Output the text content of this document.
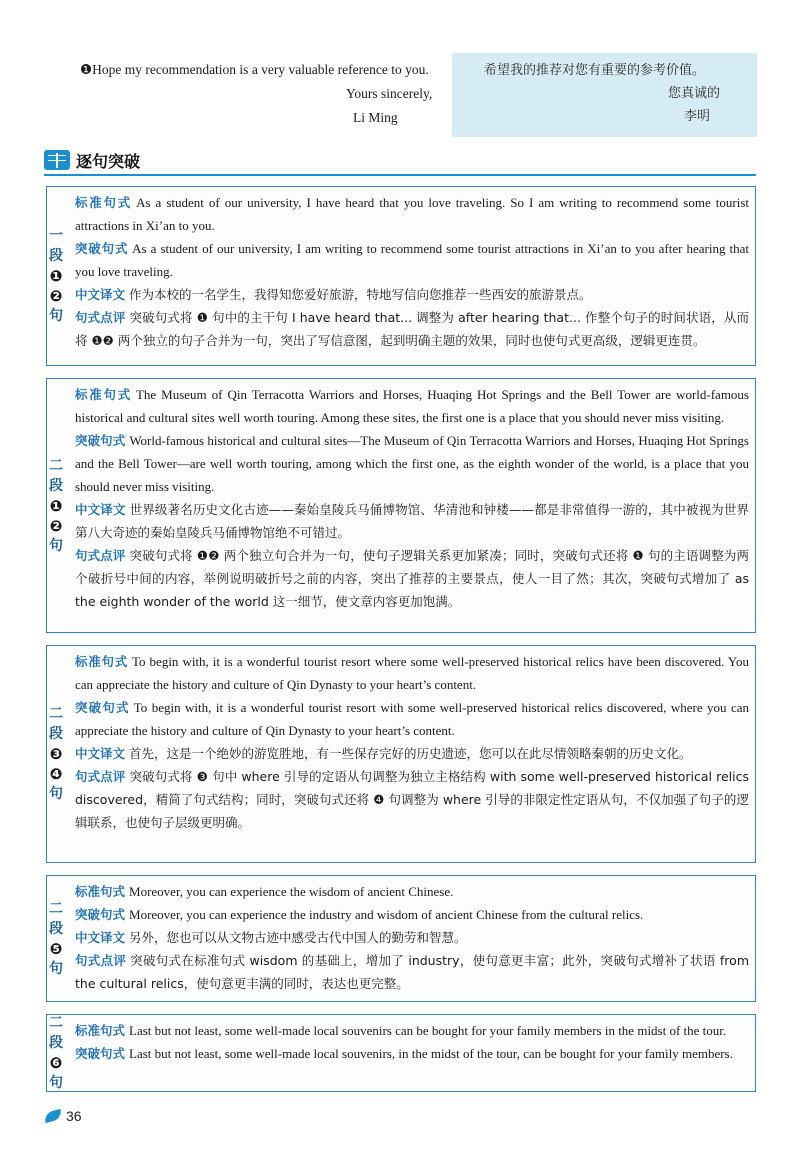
❶Hope my recommendation is a very valuable reference to you.
Yours sincerely,
Li Ming
希望我的推荐对您有重要的参考价值。
您真诚的
李明
逐句突破
一
段
❶
❷
句

标准句式 As a student of our university, I have heard that you love traveling. So I am writing to recommend some tourist attractions in Xi’an to you.

突破句式 As a student of our university, I am writing to recommend some tourist attractions in Xi’an to you after hearing that you love traveling.

中文译文 作为本校的一名学生，我得知您爱好旅游，特地写信向您推荐一些西安的旅游景点。

句式点评 突破句式将 ❶ 句中的主干句 I have heard that... 调整为 after hearing that... 作整个句子的时间状语，从而将 ❶❷ 两个独立的句子合并为一句，突出了写信意图，起到明确主题的效果，同时也使句式更高级，逻辑更连贯。

二
段
❶
❷
句

标准句式 The Museum of Qin Terracotta Warriors and Horses, Huaqing Hot Springs and the Bell Tower are world-famous historical and cultural sites well worth touring. Among these sites, the first one is a place that you should never miss visiting.

突破句式 World-famous historical and cultural sites—The Museum of Qin Terracotta Warriors and Horses, Huaqing Hot Springs and the Bell Tower—are well worth touring, among which the first one, as the eighth wonder of the world, is a place that you should never miss visiting.

中文译文 世界级著名历史文化古迹——秦始皇陵兵马俑博物馆、华清池和钟楼——都是非常值得一游的，其中被视为世界第八大奇迹的秦始皇陵兵马俑博物馆绝不可错过。

句式点评 突破句式将 ❶❷ 两个独立句合并为一句，使句子逻辑关系更加紧凑；同时，突破句式还将 ❶ 句的主语调整为两个破折号中间的内容，举例说明破折号之前的内容，突出了推荐的主要景点，使人一目了然；其次，突破句式增加了 as the eighth wonder of the world 这一细节，使文章内容更加饱满。

二
段
❸
❹
句

标准句式 To begin with, it is a wonderful tourist resort where some well-preserved historical relics have been discovered. You can appreciate the history and culture of Qin Dynasty to your heart’s content.

突破句式 To begin with, it is a wonderful tourist resort with some well-preserved historical relics discovered, where you can appreciate the history and culture of Qin Dynasty to your heart’s content.

中文译文 首先，这是一个绝妙的游览胜地，有一些保存完好的历史遗迹，您可以在此尽情领略秦朝的历史文化。

句式点评 突破句式将 ❸ 句中 where 引导的定语从句调整为独立主格结构 with some well-preserved historical relics discovered，精简了句式结构；同时，突破句式还将 ❹ 句调整为 where 引导的非限定性定语从句，不仅加强了句子的逻辑联系，也使句子层级更明确。

二
段
❺
句

标准句式 Moreover, you can experience the wisdom of ancient Chinese.

突破句式 Moreover, you can experience the industry and wisdom of ancient Chinese from the cultural relics.

中文译文 另外，您也可以从文物古迹中感受古代中国人的勤劳和智慧。

句式点评 突破句式在标准句式 wisdom 的基础上，增加了 industry，使句意更丰富；此外，突破句式增补了状语 from the cultural relics，使句意更丰满的同时，表达也更完整。

二
段
❻
句

标准句式 Last but not least, some well-made local souvenirs can be bought for your family members in the midst of the tour.

突破句式 Last but not least, some well-made local souvenirs, in the midst of the tour, can be bought for your family members.

36
